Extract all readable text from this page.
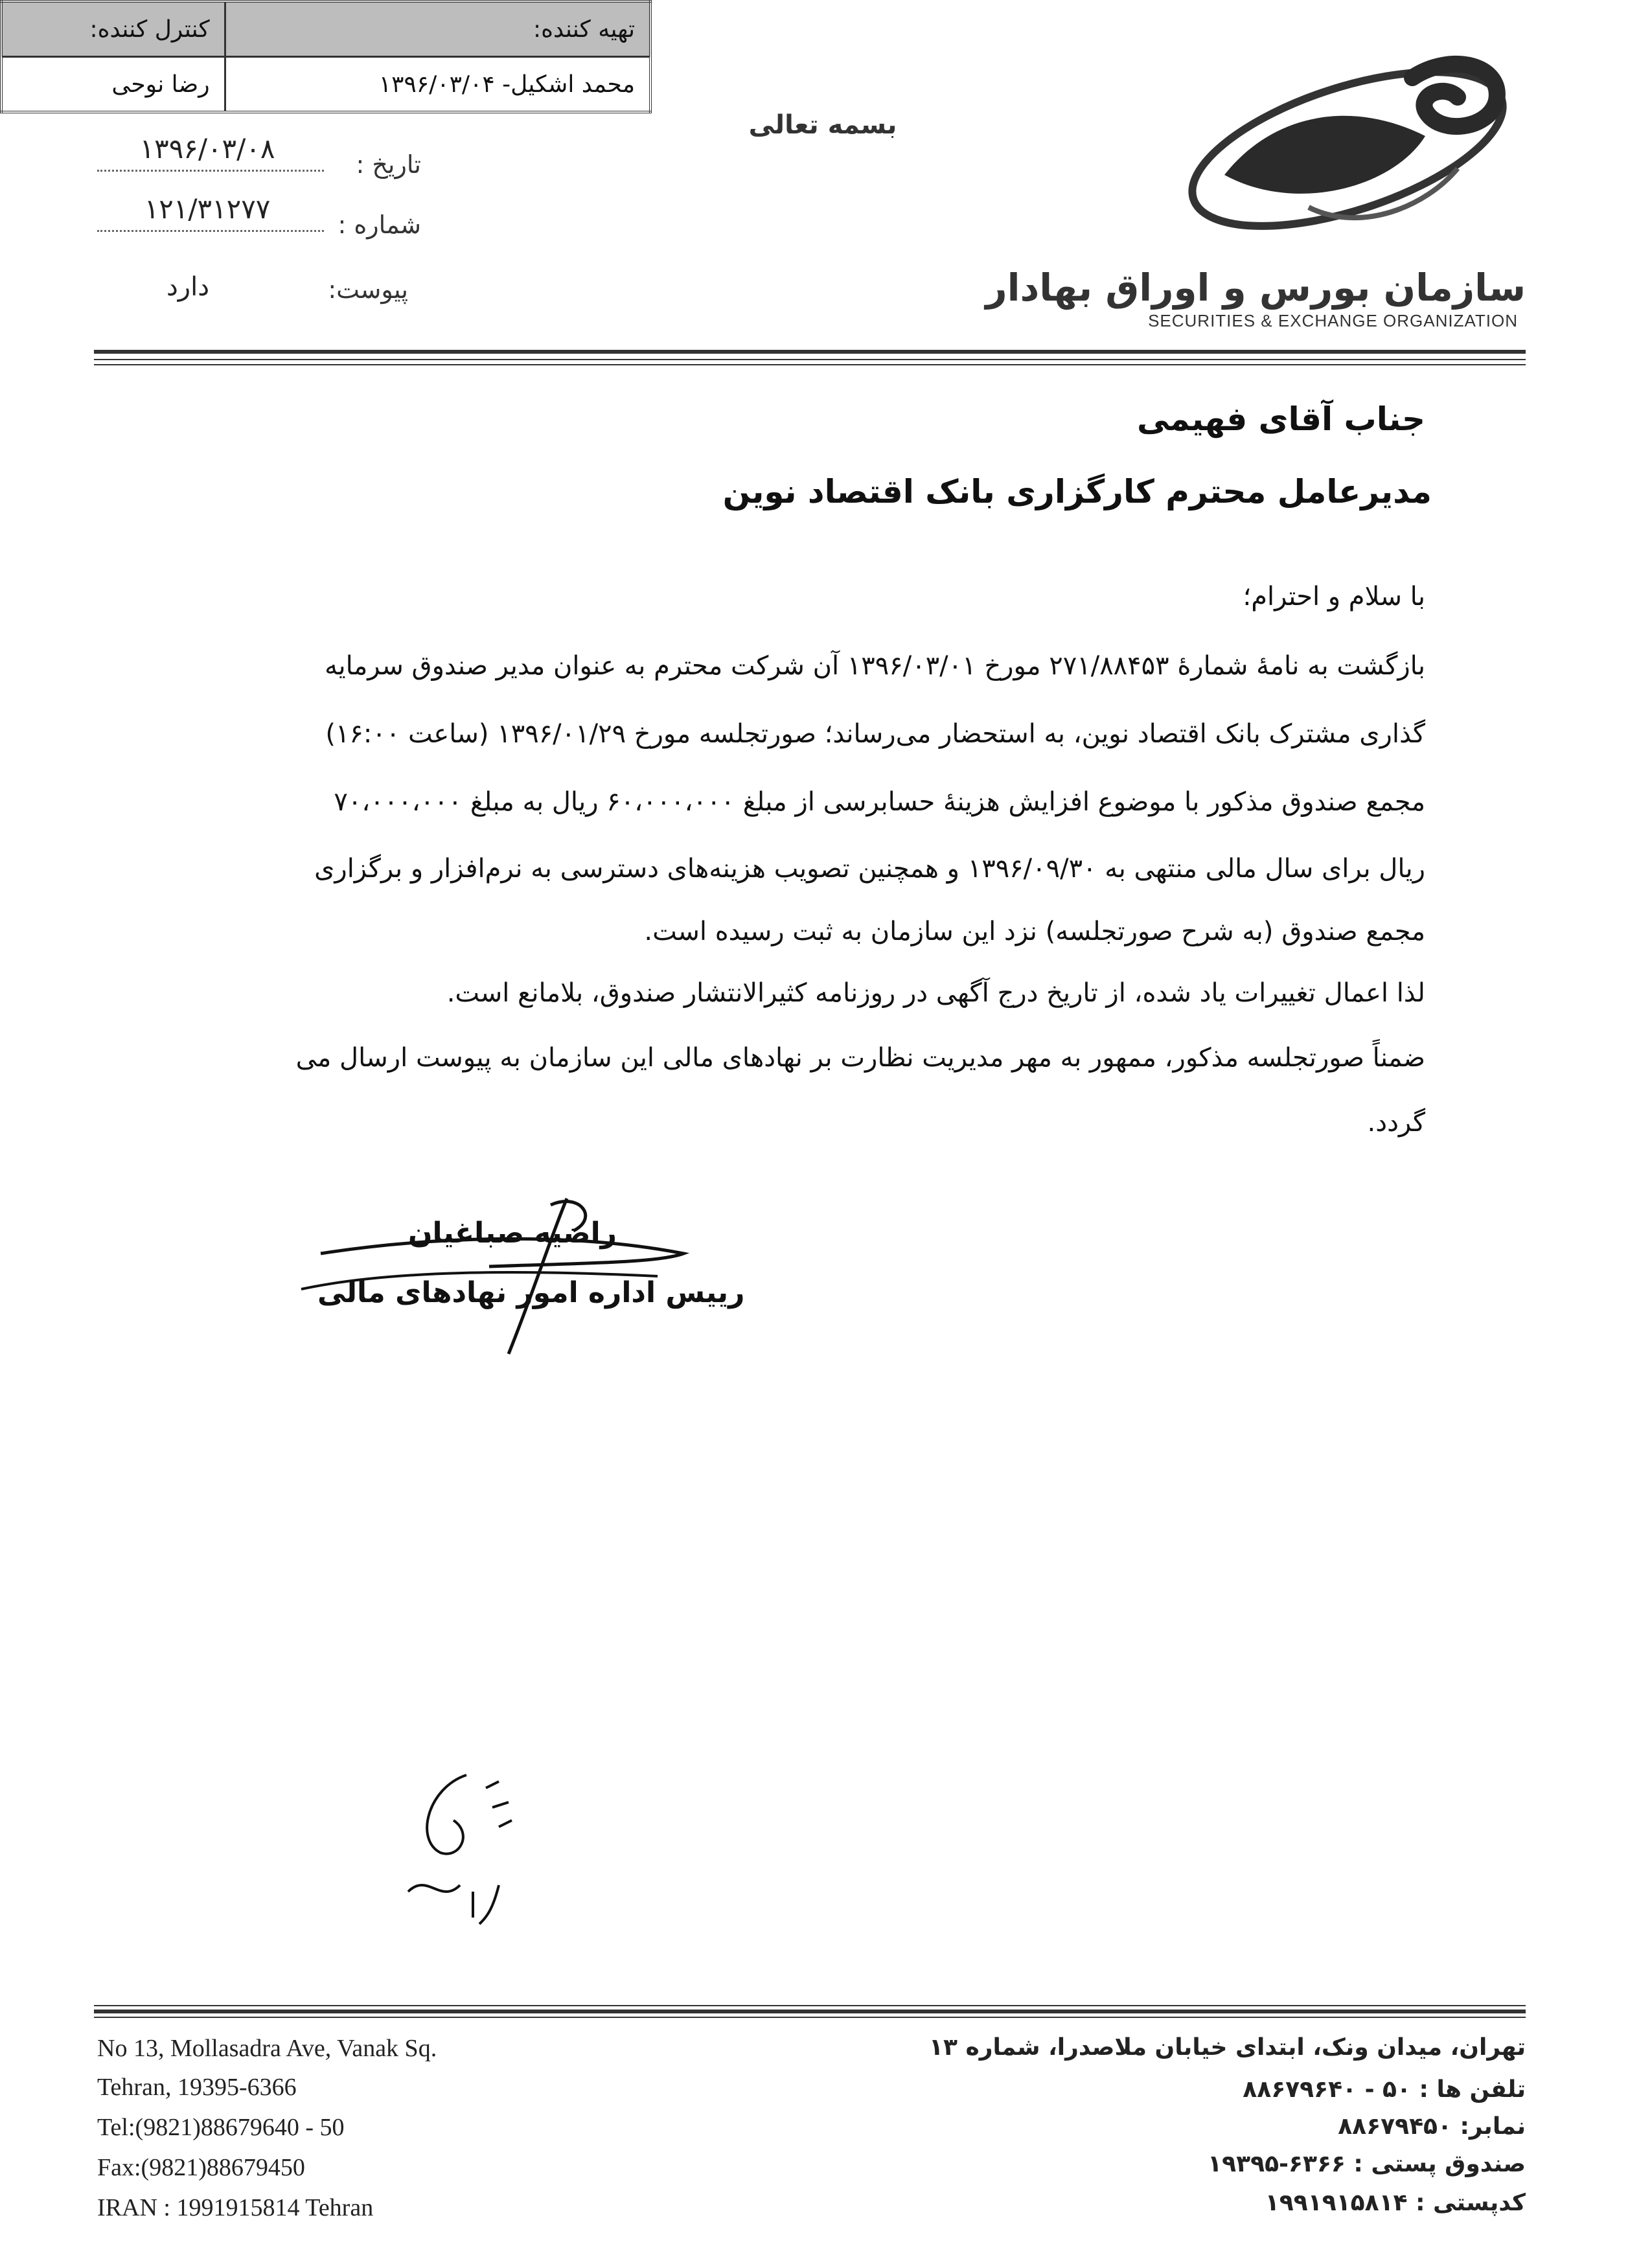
سازمان بورس و اوراق بهادار
SECURITIES & EXCHANGE ORGANIZATION
بسمه تعالی
تاریخ :
۱۳۹۶/۰۳/۰۸
شماره :
۱۲۱/۳۱۲۷۷
پیوست:
دارد
جناب آقای فهیمی
مدیرعامل محترم کارگزاری بانک اقتصاد نوین
با سلام و احترام؛
بازگشت به نامهٔ شمارهٔ ۲۷۱/۸۸۴۵۳ مورخ ۱۳۹۶/۰۳/۰۱ آن شرکت محترم به عنوان مدیر صندوق سرمایه
گذاری مشترک بانک اقتصاد نوین، به استحضار می‌رساند؛ صورتجلسه مورخ ۱۳۹۶/۰۱/۲۹ (ساعت ۱۶:۰۰)
مجمع صندوق مذکور با موضوع افزایش هزینهٔ حسابرسی از مبلغ ۶۰،۰۰۰،۰۰۰ ریال به مبلغ ۷۰،۰۰۰،۰۰۰
ریال برای سال مالی منتهی به ۱۳۹۶/۰۹/۳۰ و همچنین تصویب هزینه‌های دسترسی به نرم‌افزار و برگزاری
مجمع صندوق (به شرح صورتجلسه) نزد این سازمان به ثبت رسیده است.
لذا اعمال تغییرات یاد شده، از تاریخ درج آگهی در روزنامه کثیرالانتشار صندوق، بلامانع است.
ضمناً صورتجلسه مذکور، ممهور به مهر مدیریت نظارت بر نهادهای مالی این سازمان به پیوست ارسال می
گردد.
راضیه صباغیان
رییس اداره امور نهادهای مالی
تهیه کننده:	کنترل کننده:
محمد اشکیل- ۱۳۹۶/۰۳/۰۴	رضا نوحی
No 13, Mollasadra Ave, Vanak Sq.
Tehran, 19395-6366
Tel:(9821)88679640 - 50
Fax:(9821)88679450
IRAN : 1991915814 Tehran
تهران، میدان ونک، ابتدای خیابان ملاصدرا، شماره ۱۳
تلفن ها : ۵۰ - ۸۸۶۷۹۶۴۰
نمابر: ۸۸۶۷۹۴۵۰
صندوق پستی : ۶۳۶۶-۱۹۳۹۵
کدپستی : ۱۹۹۱۹۱۵۸۱۴
